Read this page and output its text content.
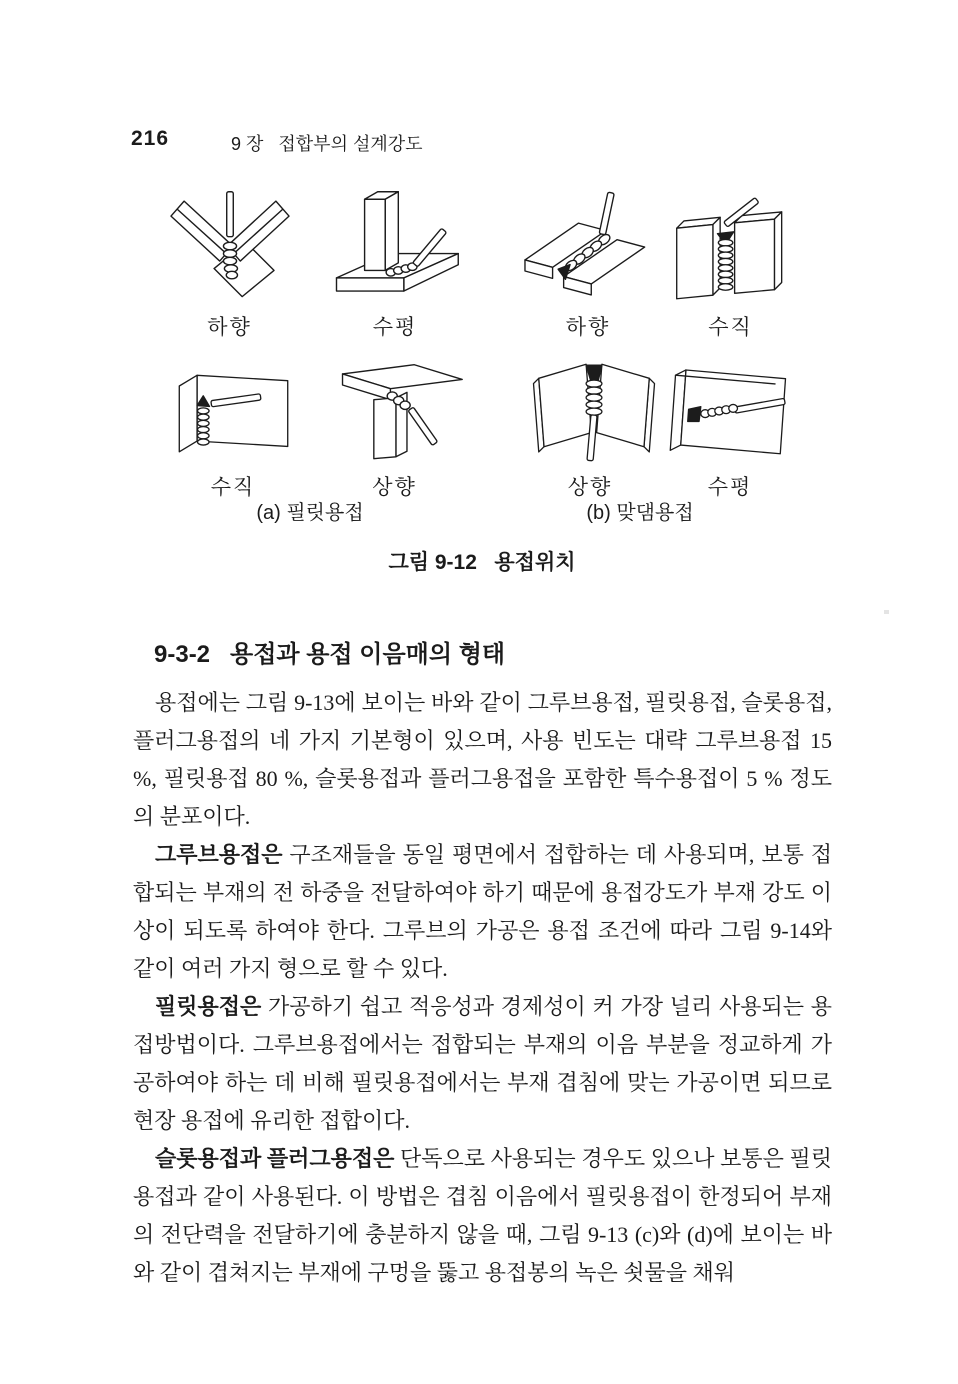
216	9 장   접합부의 설계강도
하향	수평	하향	수직
수직	상향	상향	수평
(a) 필릿용접	(b) 맞댐용접
그림 9-12   용접위치
9-3-2   용접과 용접 이음매의 형태

용접에는 그림 9-13에 보이는 바와 같이 그루브용접, 필릿용접, 슬롯용접, 플러그용접의 네 가지 기본형이 있으며, 사용 빈도는 대략 그루브용접 15 %, 필릿용접 80 %, 슬롯용접과 플러그용접을 포함한 특수용접이 5 % 정도의 분포이다.

그루브용접은 구조재들을 동일 평면에서 접합하는 데 사용되며, 보통 접합되는 부재의 전 하중을 전달하여야 하기 때문에 용접강도가 부재 강도 이상이 되도록 하여야 한다. 그루브의 가공은 용접 조건에 따라 그림 9-14와 같이 여러 가지 형으로 할 수 있다.

필릿용접은 가공하기 쉽고 적응성과 경제성이 커 가장 널리 사용되는 용접방법이다. 그루브용접에서는 접합되는 부재의 이음 부분을 정교하게 가공하여야 하는 데 비해 필릿용접에서는 부재 겹침에 맞는 가공이면 되므로 현장 용접에 유리한 접합이다.

슬롯용접과 플러그용접은 단독으로 사용되는 경우도 있으나 보통은 필릿용접과 같이 사용된다. 이 방법은 겹침 이음에서 필릿용접이 한정되어 부재의 전단력을 전달하기에 충분하지 않을 때, 그림 9-13 (c)와 (d)에 보이는 바와 같이 겹쳐지는 부재에 구멍을 뚫고 용접봉의 녹은 쇳물을 채워
